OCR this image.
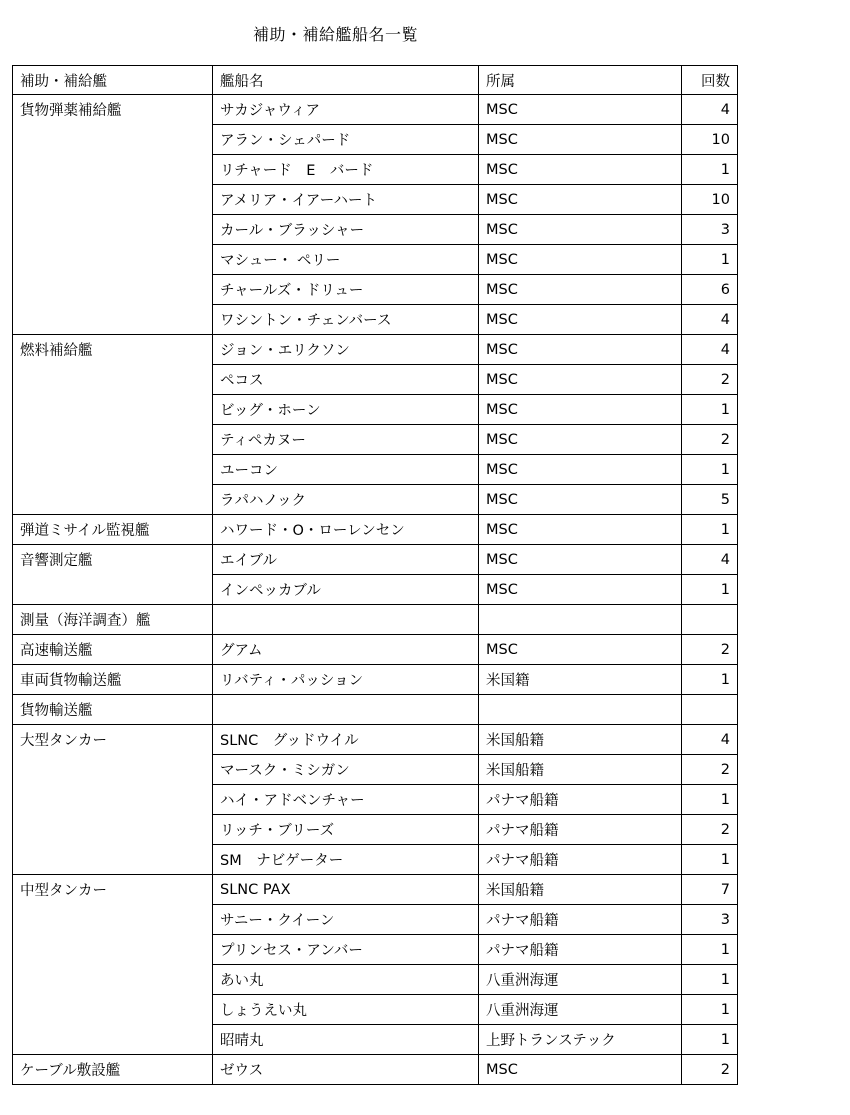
補助・補給艦船名一覧
補助・補給艦	艦船名	所属	回数
貨物弾薬補給艦	サカジャウィア	MSC	4
	アラン・シェパード	MSC	10
	リチャード　E　バード	MSC	1
	アメリア・イアーハート	MSC	10
	カール・ブラッシャー	MSC	3
	マシュー・ ペリー	MSC	1
	チャールズ・ドリュー	MSC	6
	ワシントン・チェンバース	MSC	4
燃料補給艦	ジョン・エリクソン	MSC	4
	ペコス	MSC	2
	ビッグ・ホーン	MSC	1
	ティペカヌー	MSC	2
	ユーコン	MSC	1
	ラパハノック	MSC	5
弾道ミサイル監視艦	ハワード・O・ローレンセン	MSC	1
音響測定艦	エイブル	MSC	4
	インペッカブル	MSC	1
測量（海洋調査）艦			
高速輸送艦	グアム	MSC	2
車両貨物輸送艦	リバティ・パッション	米国籍	1
貨物輸送艦			
大型タンカー	SLNC　グッドウイル	米国船籍	4
	マースク・ミシガン	米国船籍	2
	ハイ・アドベンチャー	パナマ船籍	1
	リッチ・ブリーズ	パナマ船籍	2
	SM　ナビゲーター	パナマ船籍	1
中型タンカー	SLNC PAX	米国船籍	7
	サニー・クイーン	パナマ船籍	3
	プリンセス・アンバー	パナマ船籍	1
	あい丸	八重洲海運	1
	しょうえい丸	八重洲海運	1
	昭晴丸	上野トランステック	1
ケーブル敷設艦	ゼウス	MSC	2
